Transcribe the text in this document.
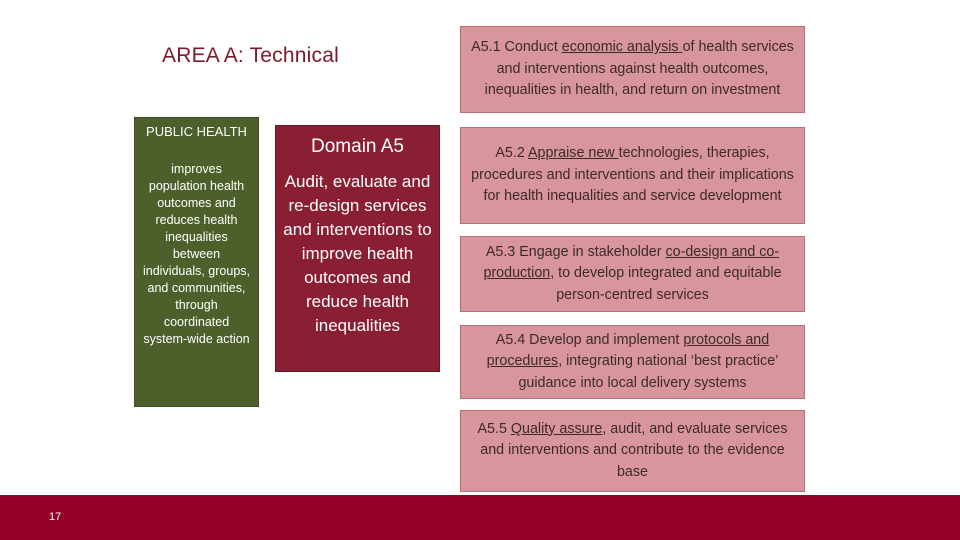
AREA A: Technical
PUBLIC HEALTH
improves population health outcomes and reduces health inequalities between individuals, groups, and communities, through coordinated system-wide action
Domain A5
Audit, evaluate and re-design services and interventions to improve health outcomes and reduce health inequalities

A5.1 Conduct economic analysis of health services and interventions against health outcomes, inequalities in health, and return on investment

A5.2 Appraise new technologies, therapies, procedures and interventions and their implications for health inequalities and service development

A5.3 Engage in stakeholder co-design and co-production, to develop integrated and equitable person-centred services

A5.4 Develop and implement protocols and procedures, integrating national ‘best practice’ guidance into local delivery systems

A5.5 Quality assure, audit, and evaluate services and interventions and contribute to the evidence base

17
